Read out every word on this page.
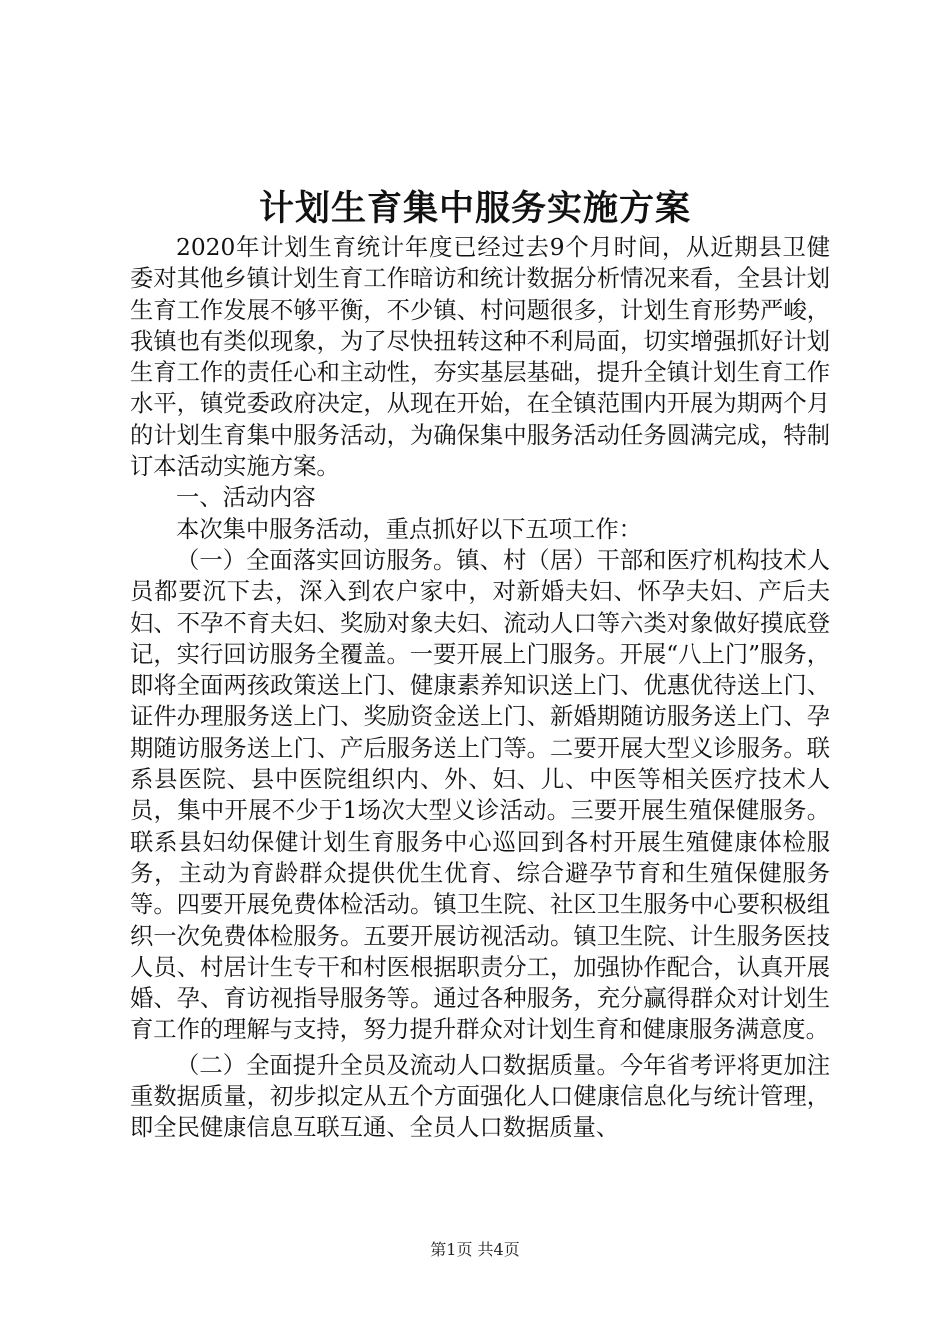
计划生育集中服务实施方案

2020年计划生育统计年度已经过去9个月时间，从近期县卫健委对其他乡镇计划生育工作暗访和统计数据分析情况来看，全县计划生育工作发展不够平衡，不少镇、村问题很多，计划生育形势严峻，我镇也有类似现象，为了尽快扭转这种不利局面，切实增强抓好计划生育工作的责任心和主动性，夯实基层基础，提升全镇计划生育工作水平，镇党委政府决定，从现在开始，在全镇范围内开展为期两个月的计划生育集中服务活动，为确保集中服务活动任务圆满完成，特制订本活动实施方案。

一、活动内容

本次集中服务活动，重点抓好以下五项工作：

（一）全面落实回访服务。镇、村（居）干部和医疗机构技术人员都要沉下去，深入到农户家中，对新婚夫妇、怀孕夫妇、产后夫妇、不孕不育夫妇、奖励对象夫妇、流动人口等六类对象做好摸底登记，实行回访服务全覆盖。一要开展上门服务。开展“八上门”服务，即将全面两孩政策送上门、健康素养知识送上门、优惠优待送上门、证件办理服务送上门、奖励资金送上门、新婚期随访服务送上门、孕期随访服务送上门、产后服务送上门等。二要开展大型义诊服务。联系县医院、县中医院组织内、外、妇、儿、中医等相关医疗技术人员，集中开展不少于1场次大型义诊活动。三要开展生殖保健服务。联系县妇幼保健计划生育服务中心巡回到各村开展生殖健康体检服务，主动为育龄群众提供优生优育、综合避孕节育和生殖保健服务等。四要开展免费体检活动。镇卫生院、社区卫生服务中心要积极组织一次免费体检服务。五要开展访视活动。镇卫生院、计生服务医技人员、村居计生专干和村医根据职责分工，加强协作配合，认真开展婚、孕、育访视指导服务等。通过各种服务，充分赢得群众对计划生育工作的理解与支持，努力提升群众对计划生育和健康服务满意度。

（二）全面提升全员及流动人口数据质量。今年省考评将更加注重数据质量，初步拟定从五个方面强化人口健康信息化与统计管理，即全民健康信息互联互通、全员人口数据质量、

第1页 共4页
